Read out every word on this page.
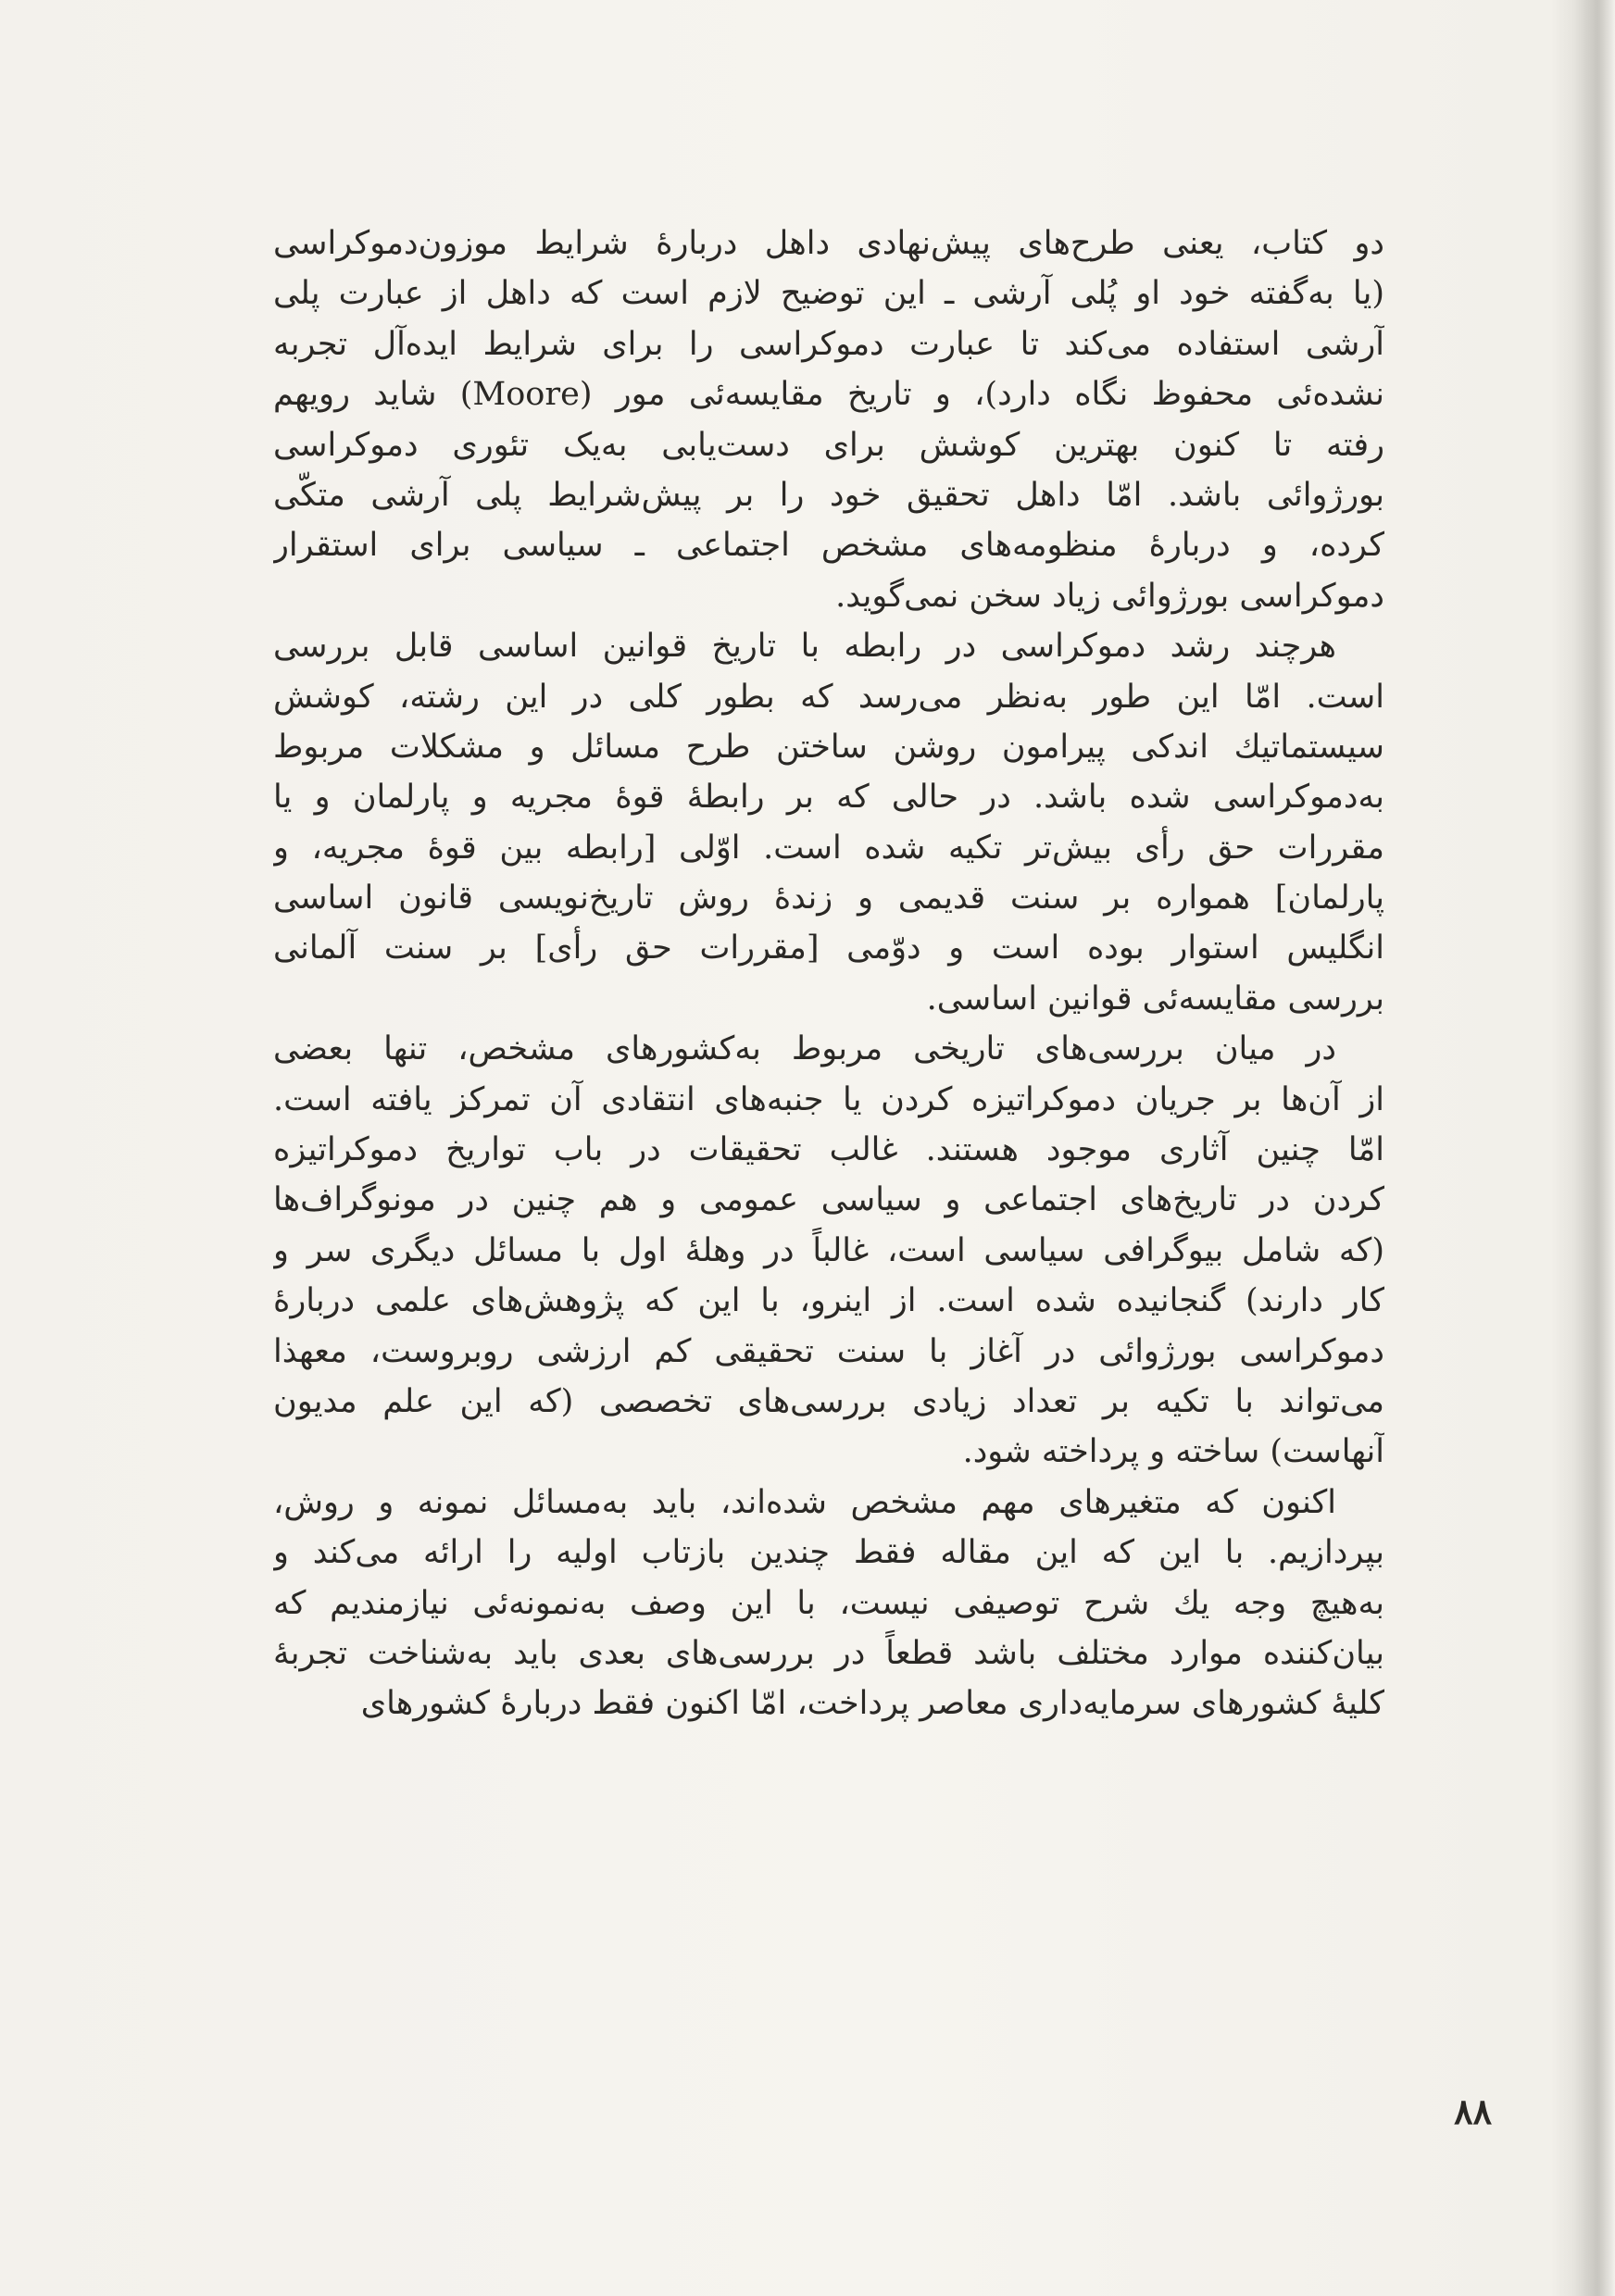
دو کتاب، یعنی طرح‌های پیش‌نهادی داهل دربارهٔ شرایط موزون‌دموکراسی
(یا به‌گفته خود او پُلی آرشی ـ این توضیح لازم است که داهل از عبارت پلی
آرشی استفاده می‌کند تا عبارت دموکراسی را برای شرایط ایده‌آل تجربه
نشده‌ئی محفوظ نگاه دارد)، و تاریخ مقایسه‌ئی مور (Moore) شاید رویهم
رفته تا کنون بهترین کوشش برای دست‌یابی به‌یک تئوری دموکراسی
بورژوائی باشد. امّا داهل تحقیق خود را بر پیش‌شرایط پلی آرشی متکّی
کرده، و دربارهٔ منظومه‌های مشخص اجتماعی ـ سیاسی برای استقرار
دموکراسی بورژوائی زیاد سخن نمی‌گوید.
هرچند رشد دموکراسی در رابطه با تاریخ قوانین اساسی قابل بررسی
است. امّا این طور به‌نظر می‌رسد که بطور کلی در این رشته، کوشش
سیستماتیك اندکی پیرامون روشن ساختن طرح مسائل و مشکلات مربوط
به‌دموکراسی شده باشد. در حالی که بر رابطهٔ قوهٔ مجریه و پارلمان و یا
مقررات حق رأی بیش‌تر تکیه شده است. اوّلی [رابطه بین قوهٔ مجریه، و
پارلمان] همواره بر سنت قدیمی و زندهٔ روش تاریخ‌نویسی قانون اساسی
انگلیس استوار بوده است و دوّمی [مقررات حق رأی] بر سنت آلمانی
بررسی مقایسه‌ئی قوانین اساسی.
در میان بررسی‌های تاریخی مربوط به‌کشورهای مشخص، تنها بعضی
از آن‌ها بر جریان دموکراتیزه کردن یا جنبه‌های انتقادی آن تمرکز یافته است.
امّا چنین آثاری موجود هستند. غالب تحقیقات در باب تواریخ دموکراتیزه
کردن در تاریخ‌های اجتماعی و سیاسی عمومی و هم چنین در مونوگراف‌ها
(که شامل بیوگرافی سیاسی است، غالباً در وهلهٔ اول با مسائل دیگری سر و
کار دارند) گنجانیده شده است. از اینرو، با این که پژوهش‌های علمی دربارهٔ
دموکراسی بورژوائی در آغاز با سنت تحقیقی کم ارزشی روبروست، معهذا
می‌تواند با تکیه بر تعداد زیادی بررسی‌های تخصصی (که این علم مدیون
آنهاست) ساخته و پرداخته شود.
اکنون که متغیرهای مهم مشخص شده‌اند، باید به‌مسائل نمونه و روش،
بپردازیم. با این که این مقاله فقط چندین بازتاب اولیه را ارائه می‌کند و
به‌هیچ وجه یك شرح توصیفی نیست، با این وصف به‌نمونه‌ئی نیازمندیم که
بیان‌کننده موارد مختلف باشد قطعاً در بررسی‌های بعدی باید به‌شناخت تجربهٔ
کلیهٔ کشورهای سرمایه‌داری معاصر پرداخت، امّا اکنون فقط دربارهٔ کشورهای
۸۸
